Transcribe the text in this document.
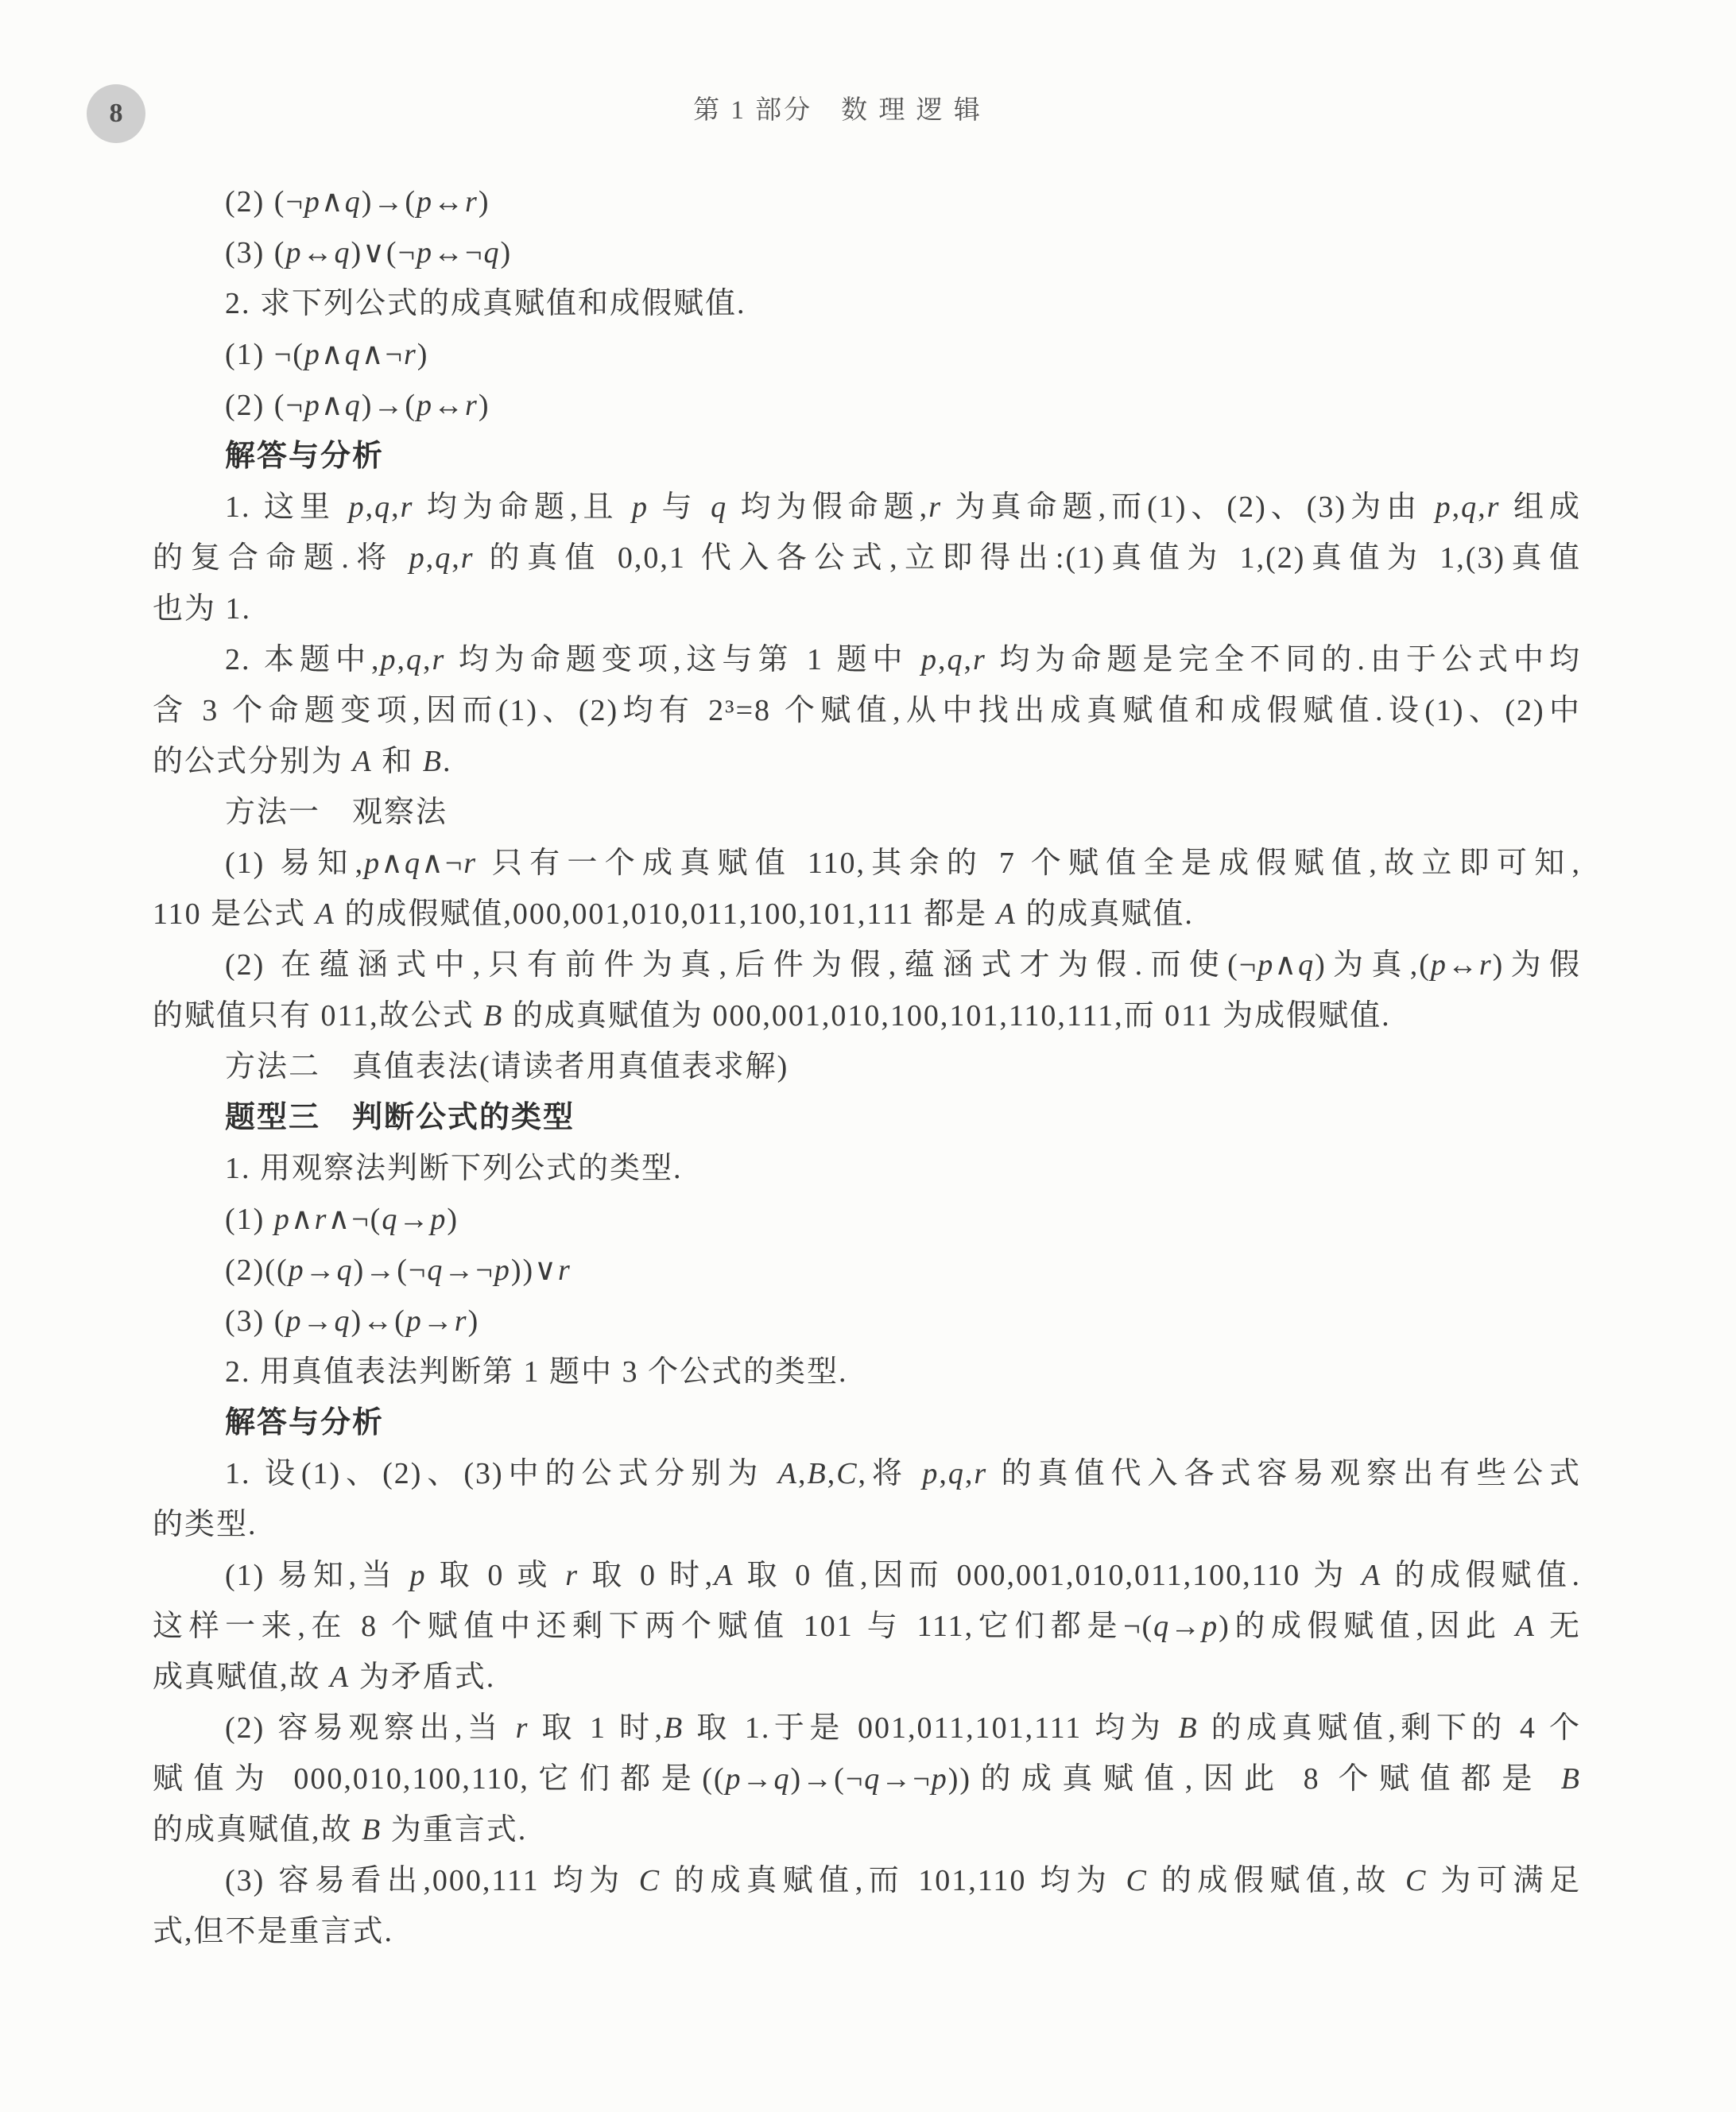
8	第 1 部分　数 理 逻 辑
(2) (¬p∧q)→(p↔r)
(3) (p↔q)∨(¬p↔¬q)
2. 求下列公式的成真赋值和成假赋值.
(1) ¬(p∧q∧¬r)
(2) (¬p∧q)→(p↔r)
解答与分析
1. 这里 p,q,r 均为命题,且 p 与 q 均为假命题,r 为真命题,而(1)、(2)、(3)为由 p,q,r 组成
的复合命题.将 p,q,r 的真值 0,0,1 代入各公式,立即得出:(1)真值为 1,(2)真值为 1,(3)真值
也为 1.
2. 本题中,p,q,r 均为命题变项,这与第 1 题中 p,q,r 均为命题是完全不同的.由于公式中均
含 3 个命题变项,因而(1)、(2)均有 2³=8 个赋值,从中找出成真赋值和成假赋值.设(1)、(2)中
的公式分别为 A 和 B.
方法一　观察法
(1) 易知,p∧q∧¬r 只有一个成真赋值 110,其余的 7 个赋值全是成假赋值,故立即可知,
110 是公式 A 的成假赋值,000,001,010,011,100,101,111 都是 A 的成真赋值.
(2) 在蕴涵式中,只有前件为真,后件为假,蕴涵式才为假.而使(¬p∧q)为真,(p↔r)为假
的赋值只有 011,故公式 B 的成真赋值为 000,001,010,100,101,110,111,而 011 为成假赋值.
方法二　真值表法(请读者用真值表求解)
题型三　判断公式的类型
1. 用观察法判断下列公式的类型.
(1) p∧r∧¬(q→p)
(2)((p→q)→(¬q→¬p))∨r
(3) (p→q)↔(p→r)
2. 用真值表法判断第 1 题中 3 个公式的类型.
解答与分析
1. 设(1)、(2)、(3)中的公式分别为 A,B,C,将 p,q,r 的真值代入各式容易观察出有些公式
的类型.
(1) 易知,当 p 取 0 或 r 取 0 时,A 取 0 值,因而 000,001,010,011,100,110 为 A 的成假赋值.
这样一来,在 8 个赋值中还剩下两个赋值 101 与 111,它们都是¬(q→p)的成假赋值,因此 A 无
成真赋值,故 A 为矛盾式.
(2) 容易观察出,当 r 取 1 时,B 取 1.于是 001,011,101,111 均为 B 的成真赋值,剩下的 4 个
赋值为 000,010,100,110,它们都是((p→q)→(¬q→¬p))的成真赋值,因此 8 个赋值都是 B
的成真赋值,故 B 为重言式.
(3) 容易看出,000,111 均为 C 的成真赋值,而 101,110 均为 C 的成假赋值,故 C 为可满足
式,但不是重言式.
